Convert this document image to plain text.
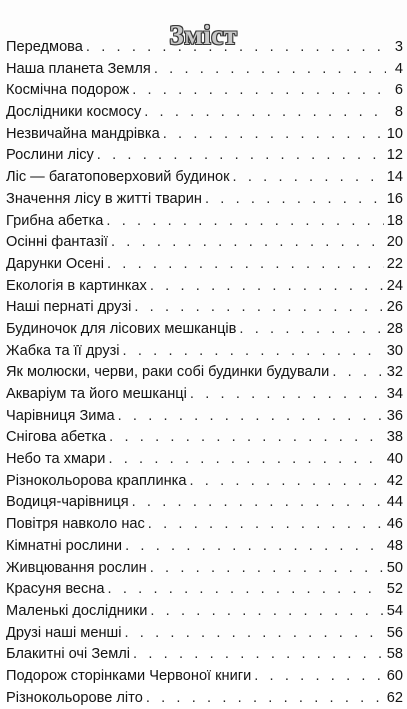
Зміст
Передмова . . .	3
Наша планета Земля . . .	4
Космічна подорож . . .	6
Дослідники космосу . . .	8
Незвичайна мандрівка . . .	10
Рослини лісу . . .	12
Ліс — багатоповерховий будинок . . .	14
Значення лісу в житті тварин . . .	16
Грибна абетка . . .	18
Осінні фантазії . . .	20
Дарунки Осені . . .	22
Екологія в картинках . . .	24
Наші пернаті друзі . . .	26
Будиночок для лісових мешканців . . .	28
Жабка та її друзі . . .	30
Як молюски, черви, раки собі будинки будували . . .	32
Акваріум та його мешканці . . .	34
Чарівниця Зима . . .	36
Снігова абетка . . .	38
Небо та хмари . . .	40
Різнокольорова краплинка . . .	42
Водиця-чарівниця . . .	44
Повітря навколо нас . . .	46
Кімнатні рослини . . .	48
Живцювання рослин . . .	50
Красуня весна . . .	52
Маленькі дослідники . . .	54
Друзі наші менші . . .	56
Блакитні очі Землі . . .	58
Подорож сторінками Червоної книги . . .	60
Різнокольорове літо . . .	62
